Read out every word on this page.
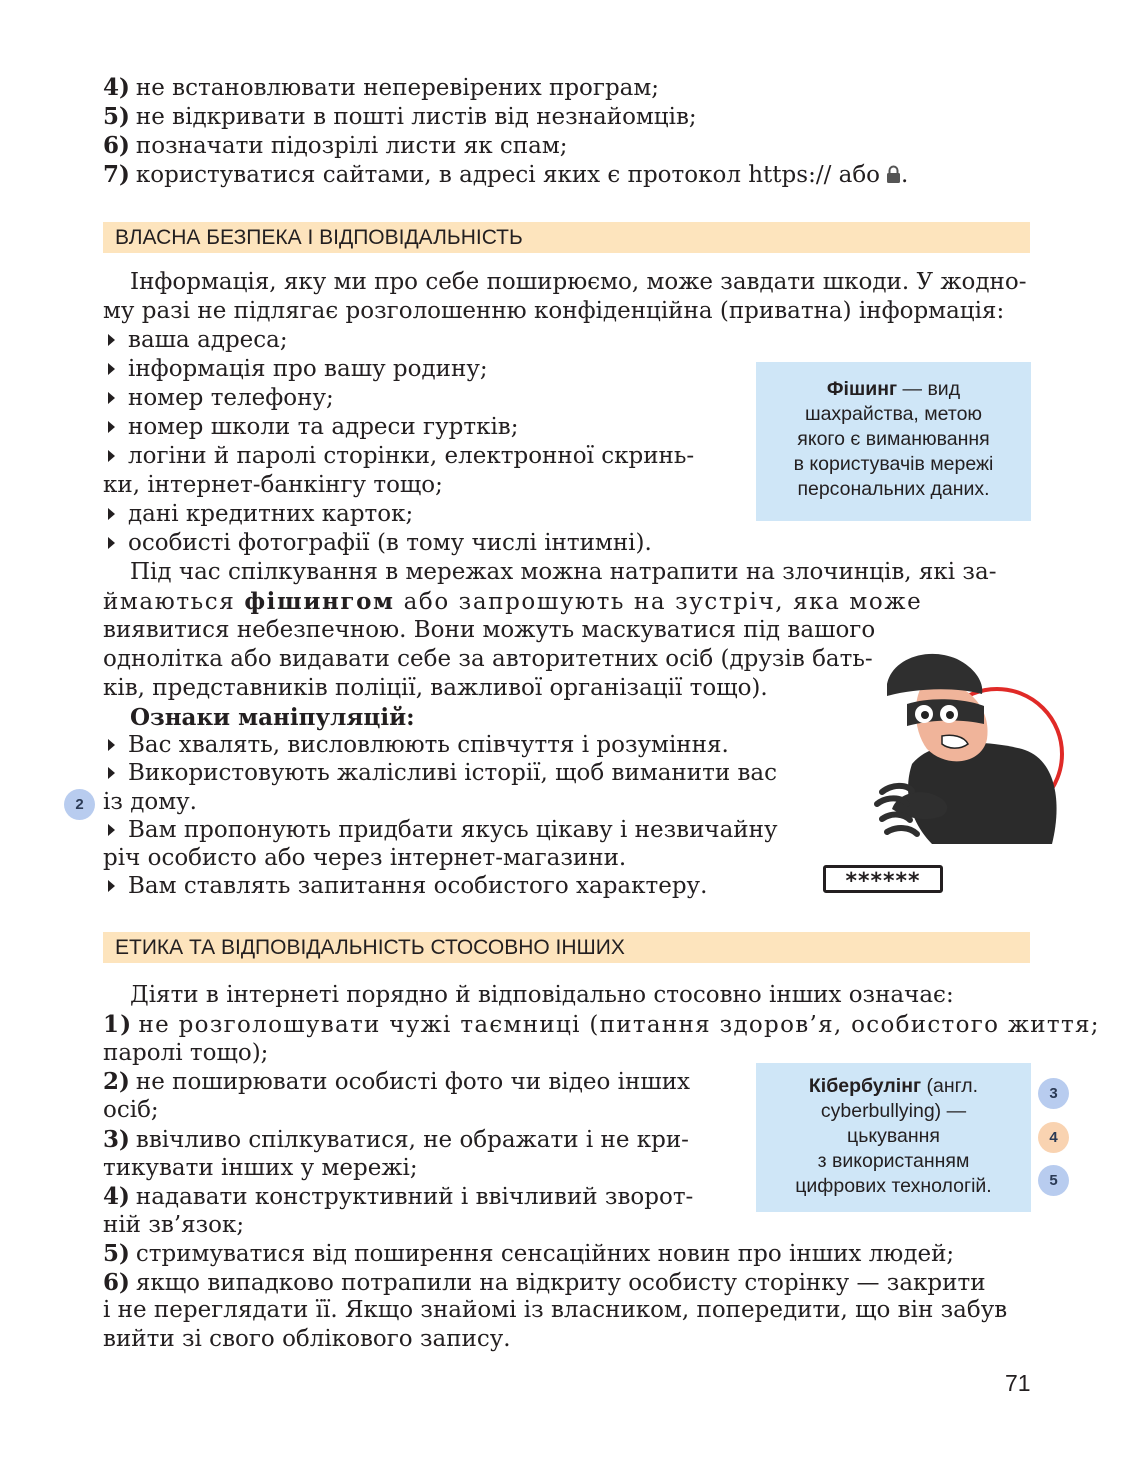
4) не встановлювати неперевірених програм;
5) не відкривати в пошті листів від незнайомців;
6) позначати підозрілі листи як спам;
7) користуватися сайтами, в адресі яких є протокол https:// або .
ВЛАСНА БЕЗПЕКА І ВІДПОВІДАЛЬНІСТЬ
Інформація, яку ми про себе поширюємо, може завдати шкоди. У жодно-
му разі не підлягає розголошенню конфіденційна (приватна) інформація:
ваша адреса;
інформація про вашу родину;
номер телефону;
номер школи та адреси гуртків;
логіни й паролі сторінки, електронної скринь-
ки, інтернет-банкінгу тощо;
дані кредитних карток;
особисті фотографії (в тому числі інтимні).
Фішинг — вид
шахрайства, метою
якого є виманювання
в користувачів мережі
персональних даних.
Під час спілкування в мережах можна натрапити на злочинців, які за-
ймаються фішингом або запрошують на зустріч, яка може
виявитися небезпечною. Вони можуть маскуватися під вашого
однолітка або видавати себе за авторитетних осіб (друзів бать-
ків, представників поліції, важливої організації тощо).
Ознаки маніпуляцій:
Вас хвалять, висловлюють співчуття і розуміння.
Використовують жалісливі історії, щоб виманити вас
із дому.
Вам пропонують придбати якусь цікаву і незвичайну
річ особисто або через інтернет-магазини.
Вам ставлять запитання особистого характеру.
2
******
ЕТИКА ТА ВІДПОВІДАЛЬНІСТЬ СТОСОВНО ІНШИХ
Діяти в інтернеті порядно й відповідально стосовно інших означає:
1) не розголошувати чужі таємниці (питання здоров’я, особистого життя;
паролі тощо);
2) не поширювати особисті фото чи відео інших
осіб;
3) ввічливо спілкуватися, не ображати і не кри-
тикувати інших у мережі;
4) надавати конструктивний і ввічливий зворот-
ній зв’язок;
5) стримуватися від поширення сенсаційних новин про інших людей;
6) якщо випадково потрапили на відкриту особисту сторінку — закрити
і не переглядати її. Якщо знайомі із власником, попередити, що він забув
вийти зі свого облікового запису.
Кібербулінг (англ.
cyberbullying) —
цькування
з використанням
цифрових технологій.
3
4
5
71
